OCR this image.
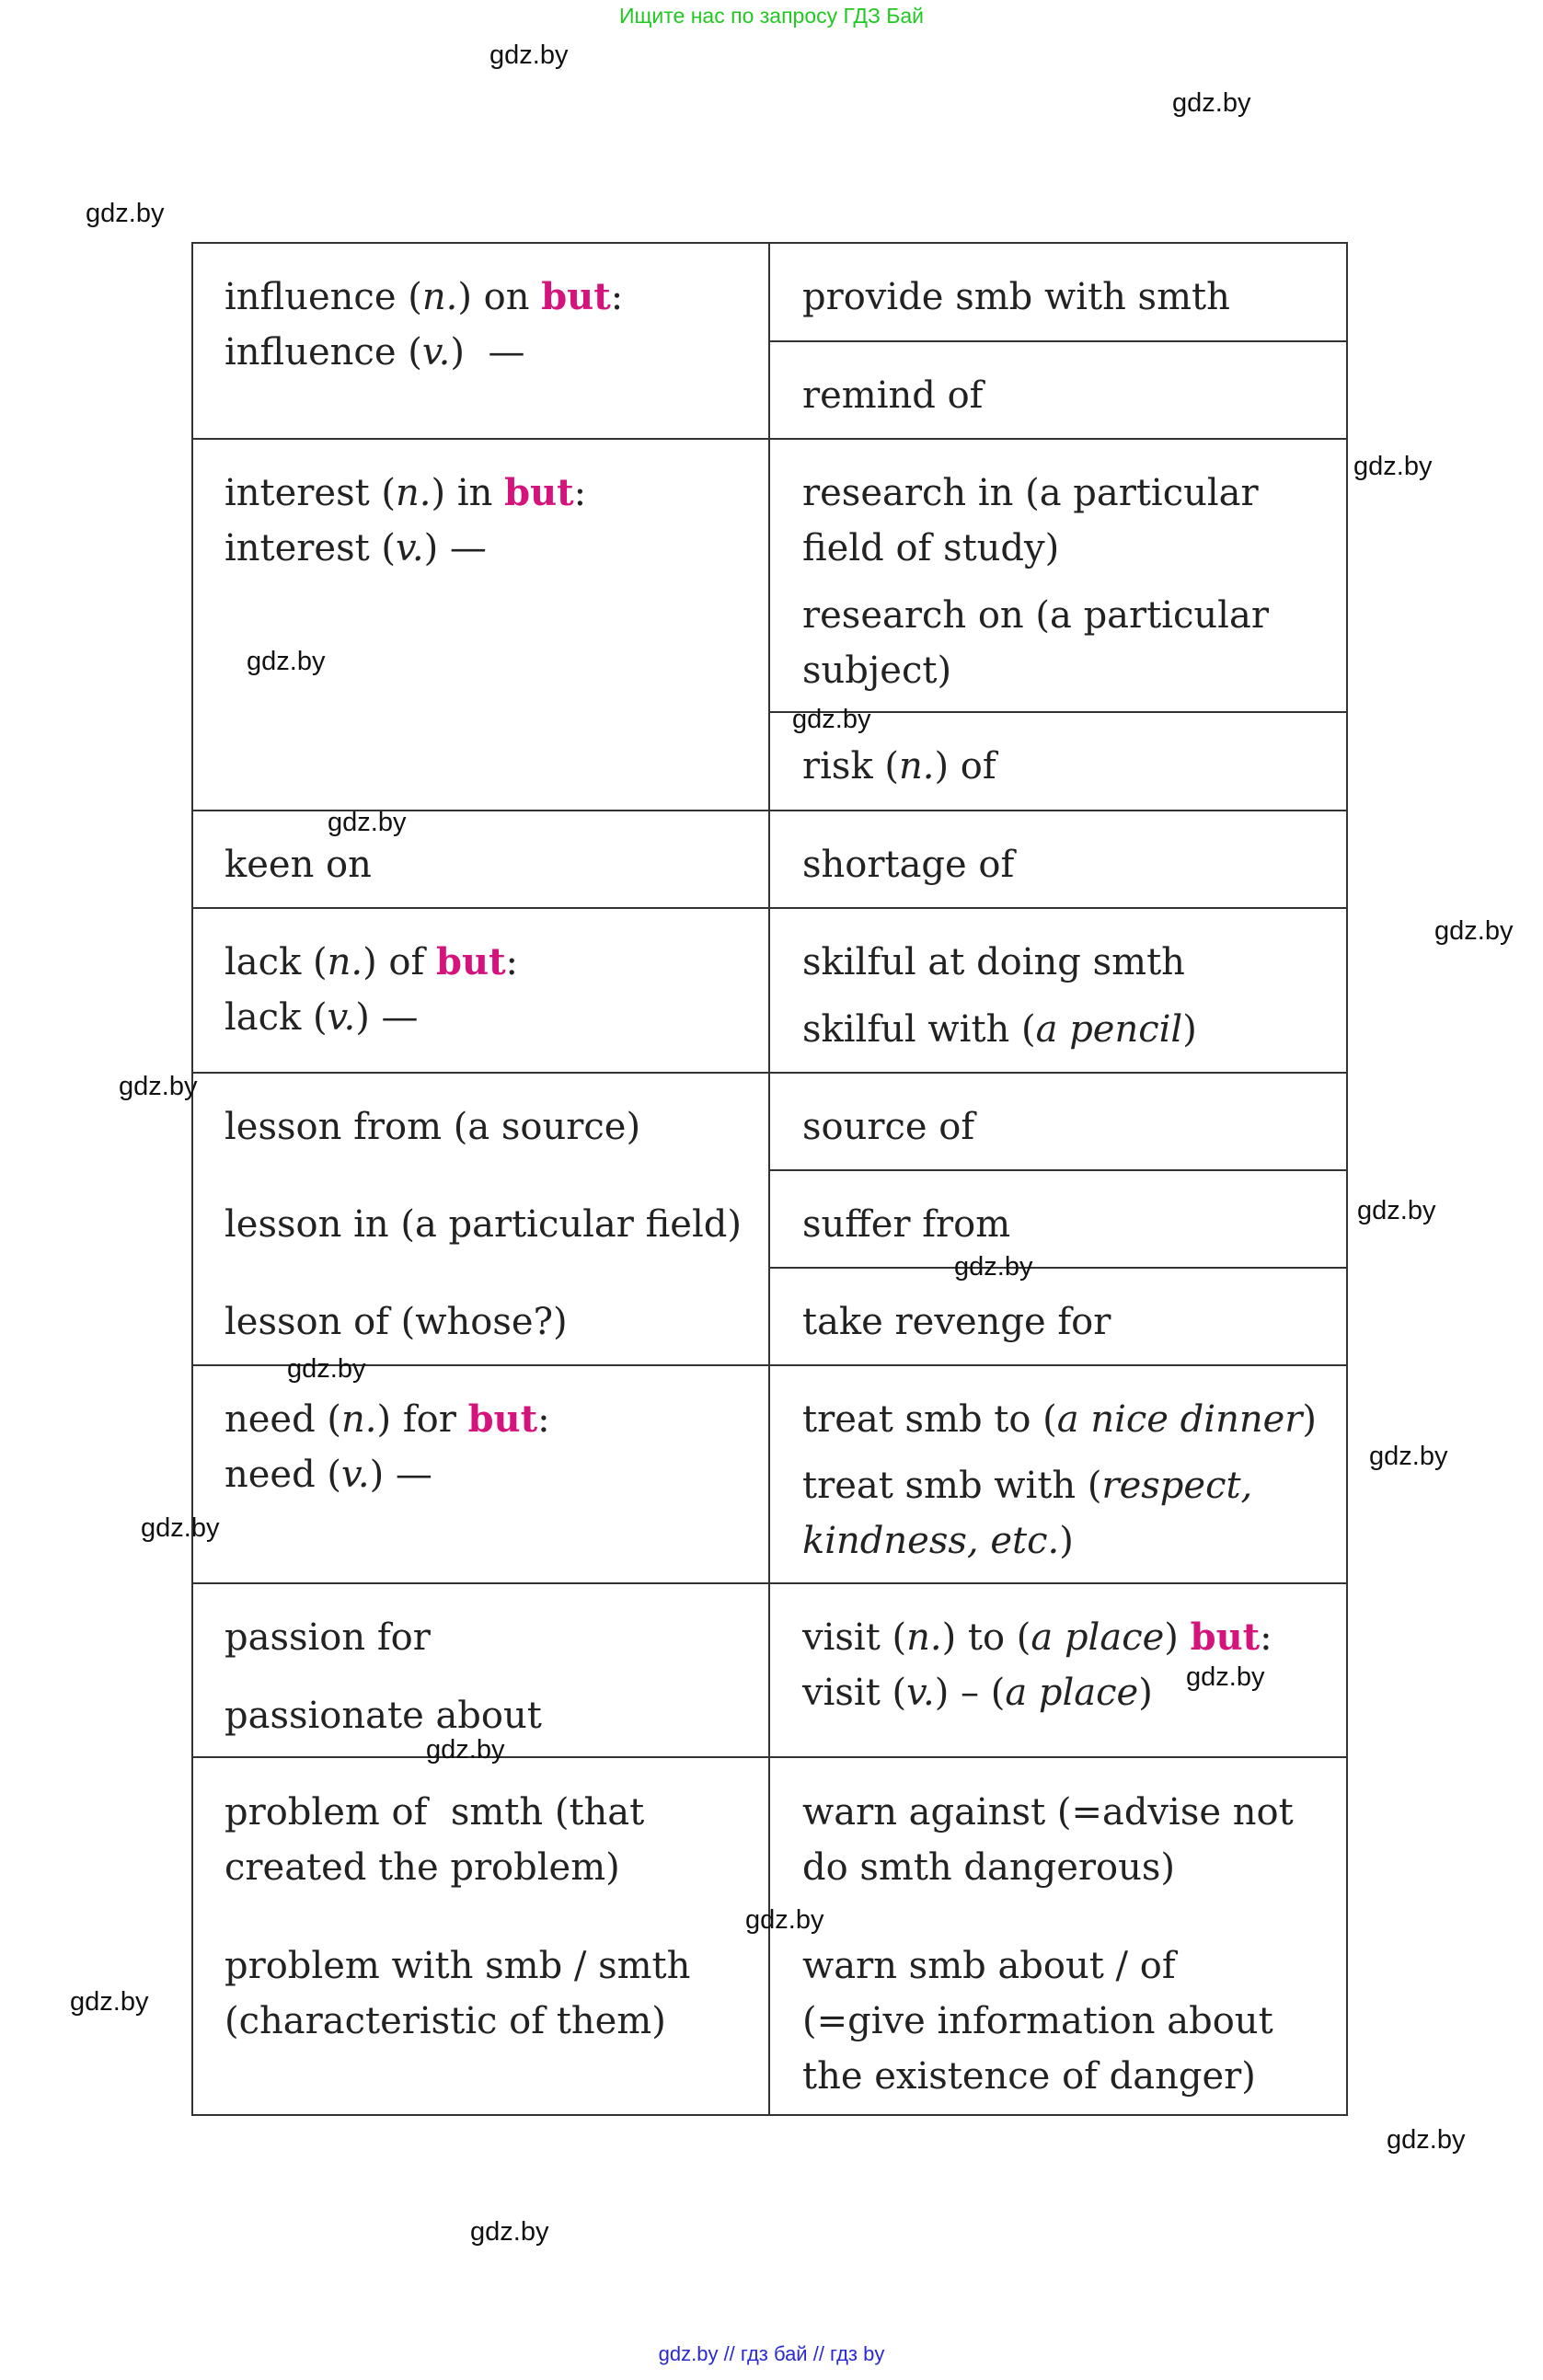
Ищите нас по запросу ГДЗ Бай
influence (n.) on but:
influence (v.)  —
interest (n.) in but:
interest (v.) —
keen on
lack (n.) of but:
lack (v.) —
lesson from (a source)
lesson in (a particular field)
lesson of (whose?)
need (n.) for but:
need (v.) —
passion for
passionate about
problem of  smth (that
created the problem)
problem with smb / smth
(characteristic of them)
provide smb with smth
remind of
research in (a particular
field of study)
research on (a particular
subject)
risk (n.) of
shortage of
skilful at doing smth
skilful with (a pencil)
source of
suffer from
take revenge for
treat smb to (a nice dinner)
treat smb with (respect,
kindness, etc.)
visit (n.) to (a place) but:
visit (v.) – (a place)
warn against (=advise not
do smth dangerous)
warn smb about / of
(=give information about
the existence of danger)
gdz.by
gdz.by
gdz.by
gdz.by
gdz.by
gdz.by
gdz.by
gdz.by
gdz.by
gdz.by
gdz.by
gdz.by
gdz.by
gdz.by
gdz.by
gdz.by
gdz.by
gdz.by
gdz.by
gdz.by
gdz.by // гдз бай // гдз by
